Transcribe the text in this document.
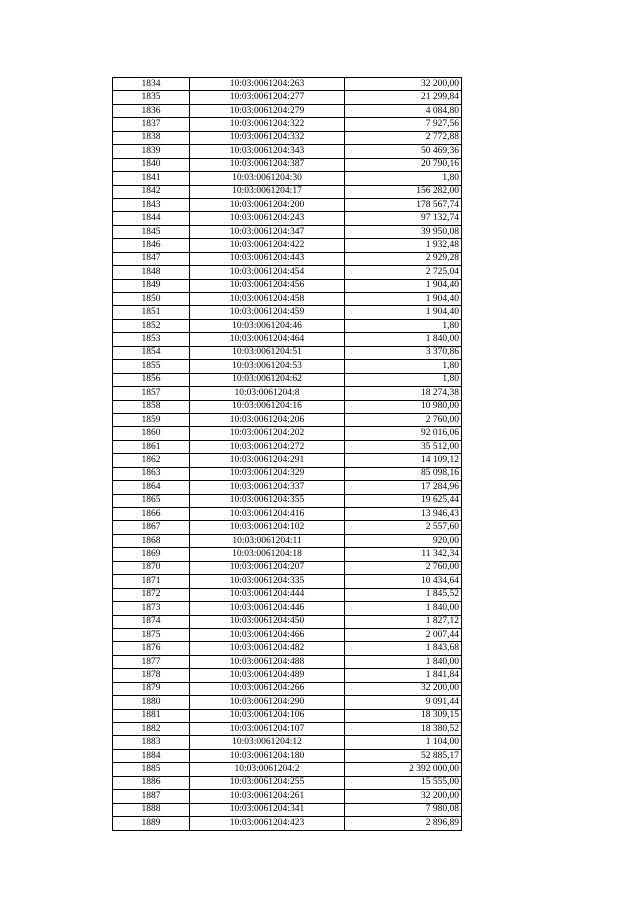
1834	10:03:0061204:263	32 200,00
1835	10:03:0061204:277	21 299,84
1836	10:03:0061204:279	4 084,80
1837	10:03:0061204:322	7 927,56
1838	10:03:0061204:332	2 772,88
1839	10:03:0061204:343	50 469,36
1840	10:03:0061204:387	20 790,16
1841	10:03:0061204:30	1,80
1842	10:03:0061204:17	156 282,00
1843	10:03:0061204:200	178 567,74
1844	10:03:0061204:243	97 132,74
1845	10:03:0061204:347	39 950,08
1846	10:03:0061204:422	1 932,48
1847	10:03:0061204:443	2 929,28
1848	10:03:0061204:454	2 725,04
1849	10:03:0061204:456	1 904,40
1850	10:03:0061204:458	1 904,40
1851	10:03:0061204:459	1 904,40
1852	10:03:0061204:46	1,80
1853	10:03:0061204:464	1 840,00
1854	10:03:0061204:51	3 370,86
1855	10:03:0061204:53	1,80
1856	10:03:0061204:62	1,80
1857	10:03:0061204:8	18 274,38
1858	10:03:0061204:16	10 980,00
1859	10:03:0061204:206	2 760,00
1860	10:03:0061204:202	92 016,06
1861	10:03:0061204:272	35 512,00
1862	10:03:0061204:291	14 109,12
1863	10:03:0061204:329	85 098,16
1864	10:03:0061204:337	17 284,96
1865	10:03:0061204:355	19 625,44
1866	10:03:0061204:416	13 946,43
1867	10:03:0061204:102	2 557,60
1868	10:03:0061204:11	920,00
1869	10:03:0061204:18	11 342,34
1870	10:03:0061204:207	2 760,00
1871	10:03:0061204:335	10 434,64
1872	10:03:0061204:444	1 845,52
1873	10:03:0061204:446	1 840,00
1874	10:03:0061204:450	1 827,12
1875	10:03:0061204:466	2 007,44
1876	10:03:0061204:482	1 843,68
1877	10:03:0061204:488	1 840,00
1878	10:03:0061204:489	1 841,84
1879	10:03:0061204:266	32 200,00
1880	10:03:0061204:290	9 091,44
1881	10:03:0061204:106	18 309,15
1882	10:03:0061204:107	18 380,52
1883	10:03:0061204:12	1 104,00
1884	10:03:0061204:180	52 885,17
1885	10:03:0061204:2	2 392 000,00
1886	10:03:0061204:255	15 555,00
1887	10:03:0061204:261	32 200,00
1888	10:03:0061204:341	7 980,08
1889	10:03:0061204:423	2 896,89
